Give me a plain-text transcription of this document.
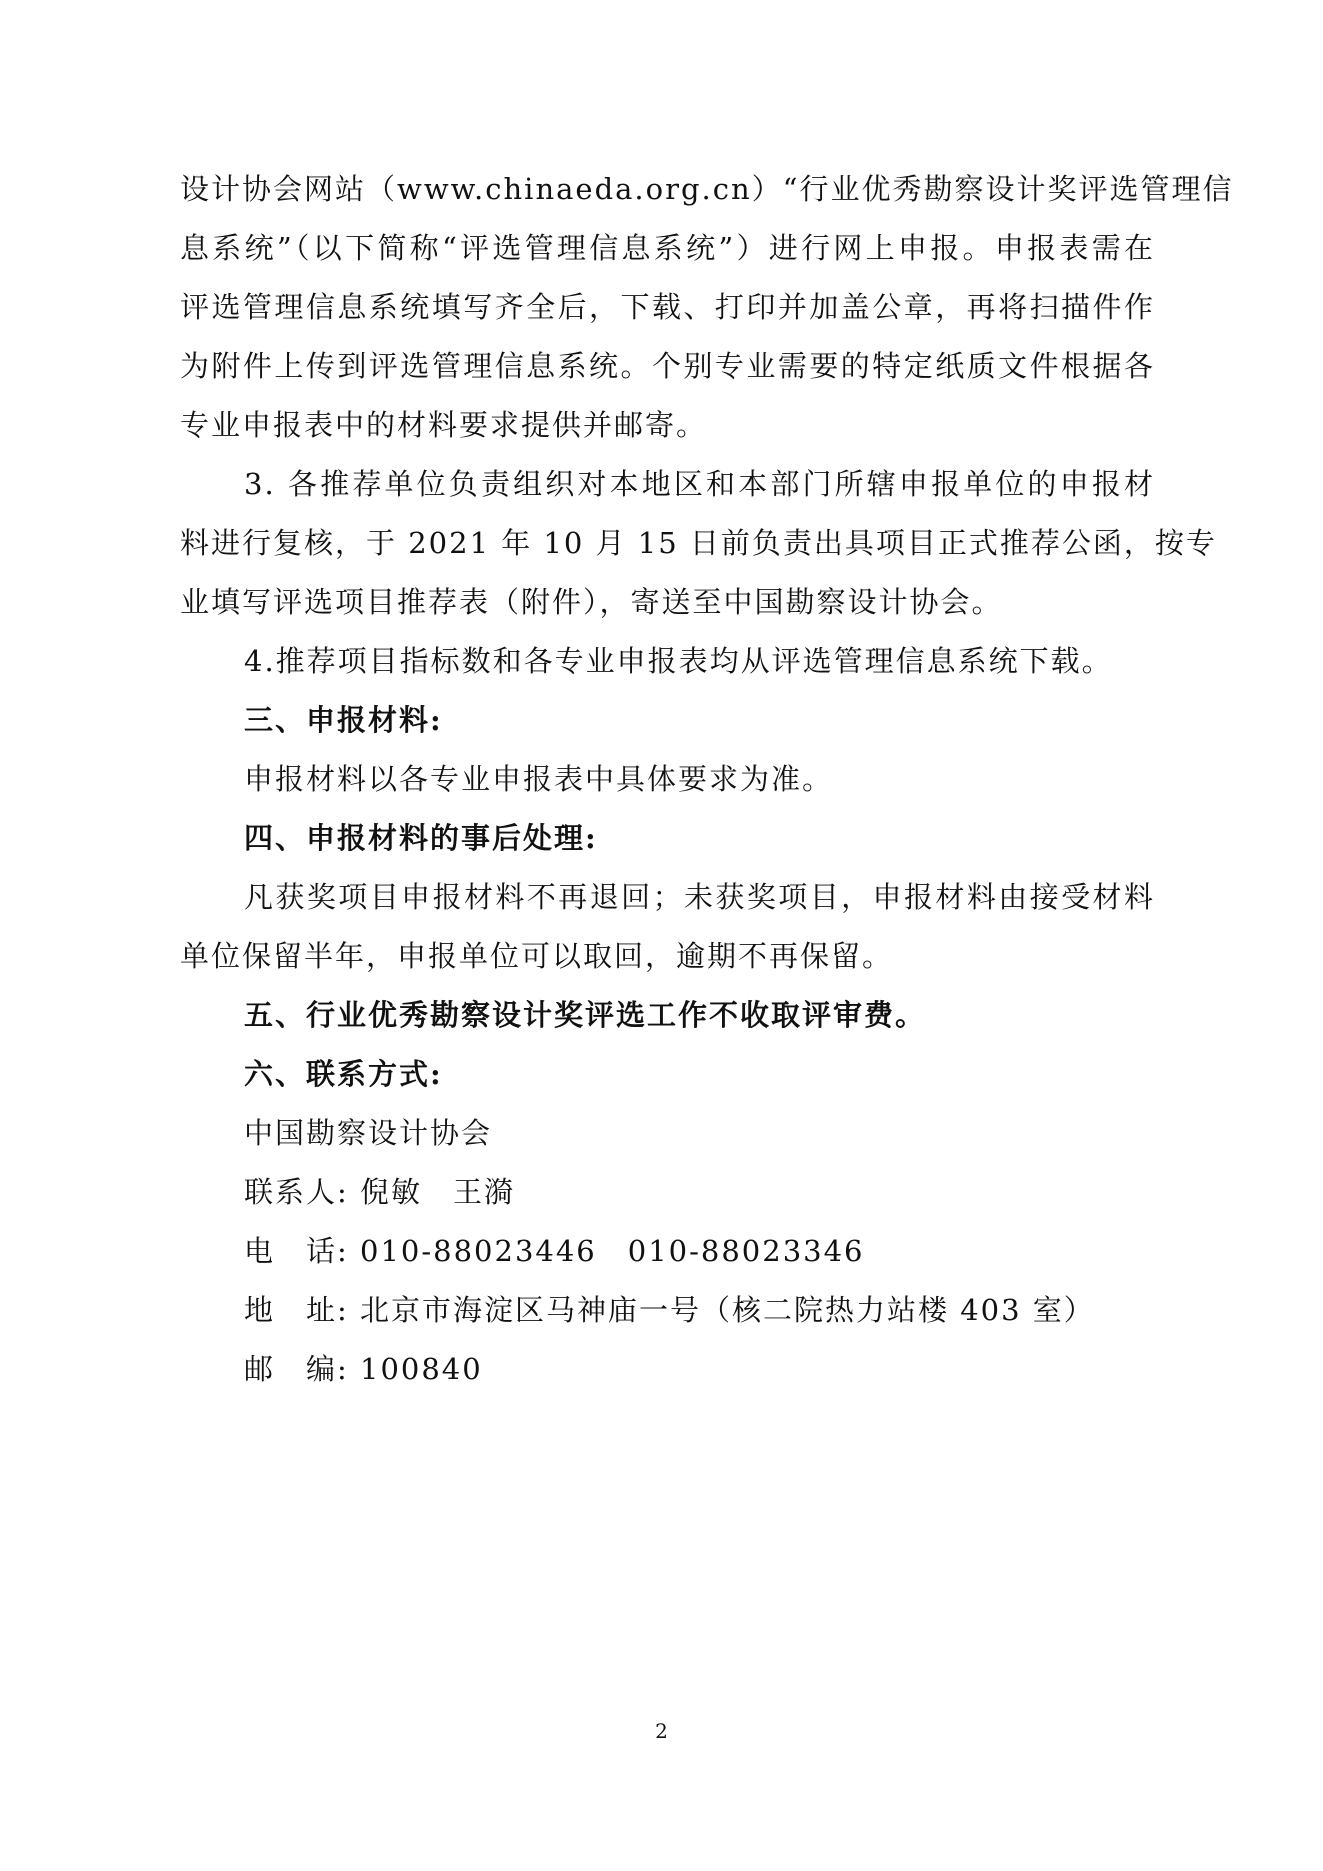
设计协会网站（www.chinaeda.org.cn）“行业优秀勘察设计奖评选管理信
息系统”（以下简称“评选管理信息系统”）进行网上申报。申报表需在
评选管理信息系统填写齐全后，下载、打印并加盖公章，再将扫描件作
为附件上传到评选管理信息系统。个别专业需要的特定纸质文件根据各
专业申报表中的材料要求提供并邮寄。
3. 各推荐单位负责组织对本地区和本部门所辖申报单位的申报材
料进行复核，于 2021 年 10 月 15 日前负责出具项目正式推荐公函，按专
业填写评选项目推荐表（附件），寄送至中国勘察设计协会。
4.推荐项目指标数和各专业申报表均从评选管理信息系统下载。
三、申报材料:
申报材料以各专业申报表中具体要求为准。
四、申报材料的事后处理:
凡获奖项目申报材料不再退回；未获奖项目，申报材料由接受材料
单位保留半年，申报单位可以取回，逾期不再保留。
五、行业优秀勘察设计奖评选工作不收取评审费。
六、联系方式:
中国勘察设计协会
联系人: 倪敏　王漪
电　话: 010-88023446　010-88023346
地　址: 北京市海淀区马神庙一号（核二院热力站楼 403 室）
邮　编: 100840
2
